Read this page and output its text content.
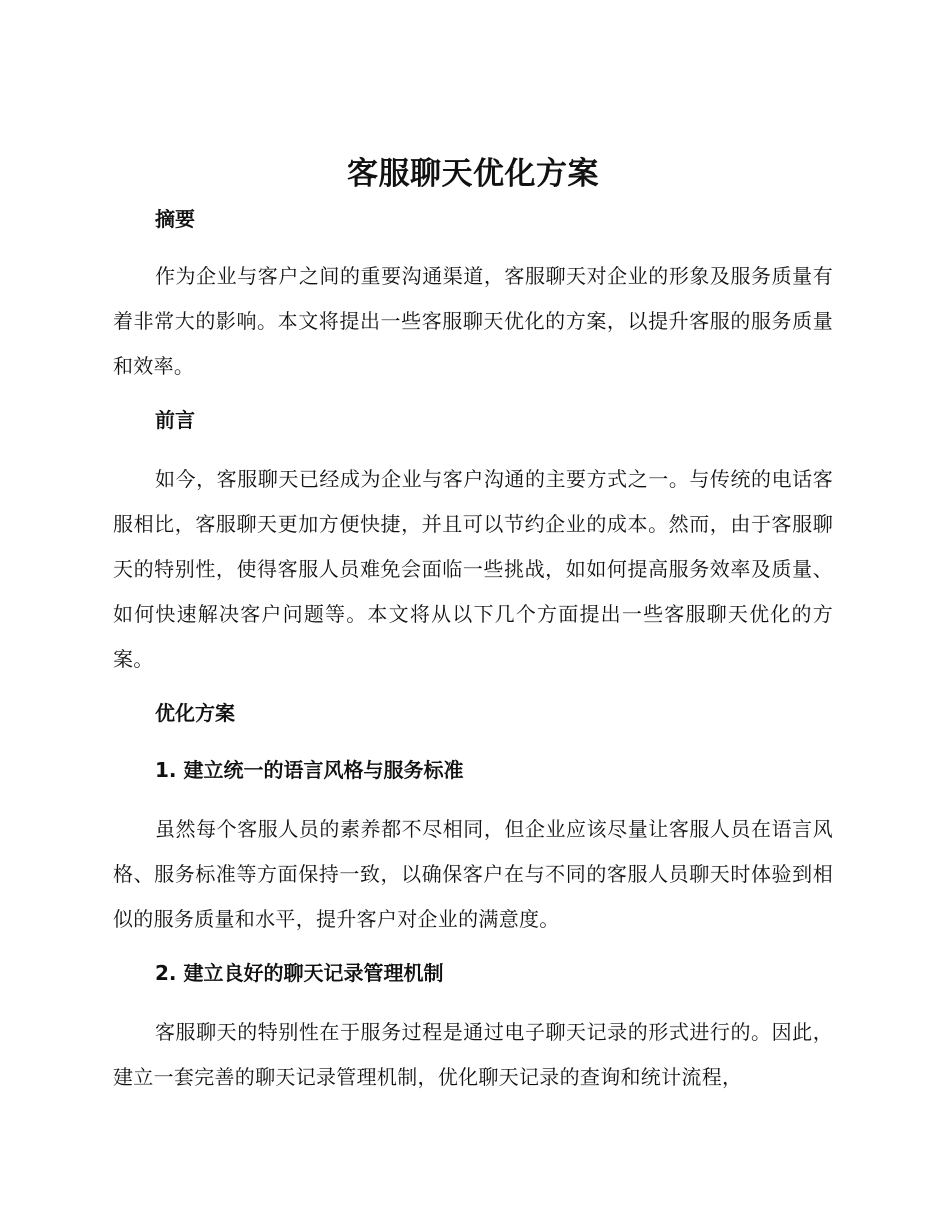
客服聊天优化方案
摘要

作为企业与客户之间的重要沟通渠道，客服聊天对企业的形象及服务质量有着非常大的影响。本文将提出一些客服聊天优化的方案，以提升客服的服务质量和效率。

前言

如今，客服聊天已经成为企业与客户沟通的主要方式之一。与传统的电话客服相比，客服聊天更加方便快捷，并且可以节约企业的成本。然而，由于客服聊天的特别性，使得客服人员难免会面临一些挑战，如如何提高服务效率及质量、如何快速解决客户问题等。本文将从以下几个方面提出一些客服聊天优化的方案。

优化方案
1. 建立统一的语言风格与服务标准

虽然每个客服人员的素养都不尽相同，但企业应该尽量让客服人员在语言风格、服务标准等方面保持一致，以确保客户在与不同的客服人员聊天时体验到相似的服务质量和水平，提升客户对企业的满意度。

2. 建立良好的聊天记录管理机制

客服聊天的特别性在于服务过程是通过电子聊天记录的形式进行的。因此，建立一套完善的聊天记录管理机制，优化聊天记录的查询和统计流程，
